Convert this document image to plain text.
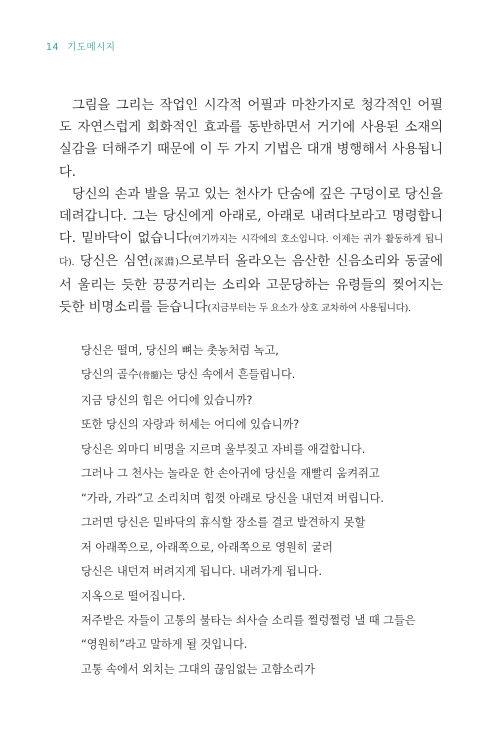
14 기도메시지

그림을 그리는 작업인 시각적 어필과 마찬가지로 청각적인 어필도 자연스럽게 회화적인 효과를 동반하면서 거기에 사용된 소재의 실감을 더해주기 때문에 이 두 가지 기법은 대개 병행해서 사용됩니다.

당신의 손과 발을 묶고 있는 천사가 단숨에 깊은 구덩이로 당신을 데려갑니다. 그는 당신에게 아래로, 아래로 내려다보라고 명령합니다. 밑바닥이 없습니다(여기까지는 시각에의 호소입니다. 이제는 귀가 활동하게 됩니다). 당신은 심연(深淵)으로부터 올라오는 음산한 신음소리와 동굴에서 울리는 듯한 끙끙거리는 소리와 고문당하는 유령들의 찢어지는 듯한 비명소리를 듣습니다(지금부터는 두 요소가 상호 교차하여 사용됩니다).

당신은 떨며, 당신의 뼈는 촛농처럼 녹고,
당신의 골수(骨髓)는 당신 속에서 흔들립니다.
지금 당신의 힘은 어디에 있습니까?
또한 당신의 자랑과 허세는 어디에 있습니까?
당신은 외마디 비명을 지르며 울부짖고 자비를 애걸합니다.
그러나 그 천사는 놀라운 한 손아귀에 당신을 재빨리 움켜쥐고
“가라, 가라”고 소리치며 힘껏 아래로 당신을 내던져 버립니다.
그러면 당신은 밑바닥의 휴식할 장소를 결코 발견하지 못할
저 아래쪽으로, 아래쪽으로, 아래쪽으로 영원히 굴러
당신은 내던져 버려지게 됩니다. 내려가게 됩니다.
지옥으로 떨어집니다.
저주받은 자들이 고통의 불타는 쇠사슬 소리를 쩔렁쩔렁 낼 때 그들은
“영원히”라고 말하게 될 것입니다.
고통 속에서 외치는 그대의 끊임없는 고함소리가
